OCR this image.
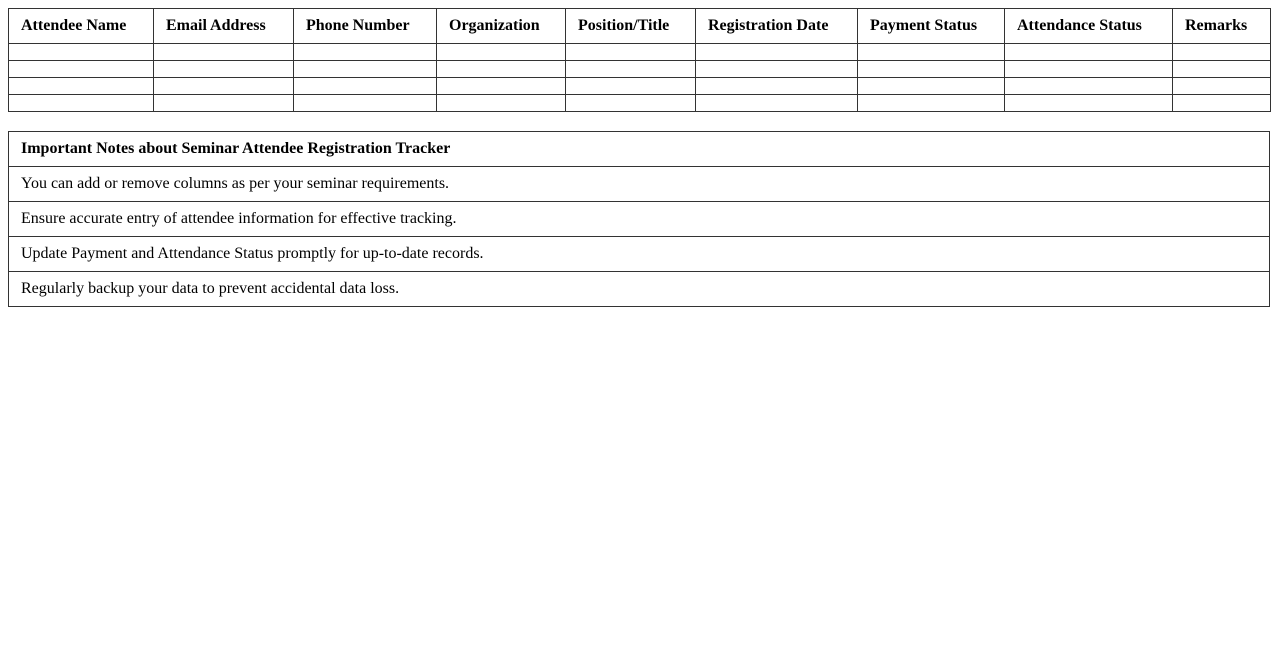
Attendee Name	Email Address	Phone Number	Organization	Position/Title	Registration Date	Payment Status	Attendance Status	Remarks

Important Notes about Seminar Attendee Registration Tracker
You can add or remove columns as per your seminar requirements.
Ensure accurate entry of attendee information for effective tracking.
Update Payment and Attendance Status promptly for up-to-date records.
Regularly backup your data to prevent accidental data loss.
